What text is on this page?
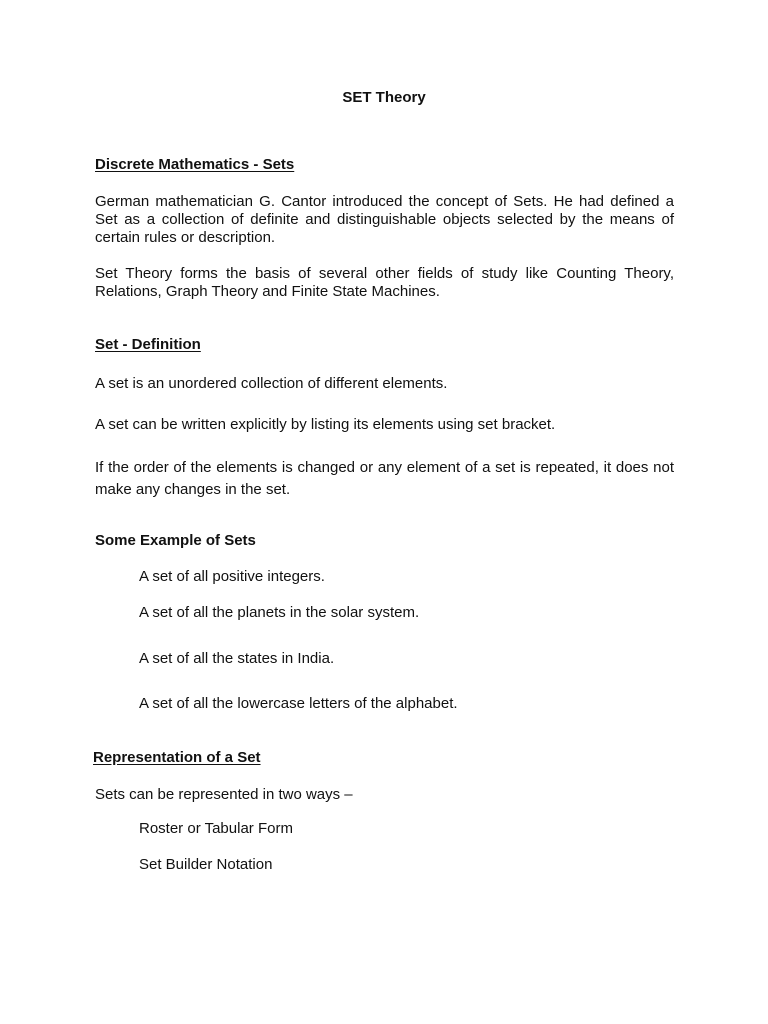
SET Theory
Discrete Mathematics - Sets
German mathematician G. Cantor introduced the concept of Sets. He had defined a Set as a collection of definite and distinguishable objects selected by the means of certain rules or description.
Set Theory forms the basis of several other fields of study like Counting Theory, Relations, Graph Theory and Finite State Machines.
Set - Definition
A set is an unordered collection of different elements.
A set can be written explicitly by listing its elements using set bracket.
If the order of the elements is changed or any element of a set is repeated, it does not make any changes in the set.
Some Example of Sets
A set of all positive integers.
A set of all the planets in the solar system.
A set of all the states in India.
A set of all the lowercase letters of the alphabet.
Representation of a Set
Sets can be represented in two ways –
Roster or Tabular Form
Set Builder Notation
